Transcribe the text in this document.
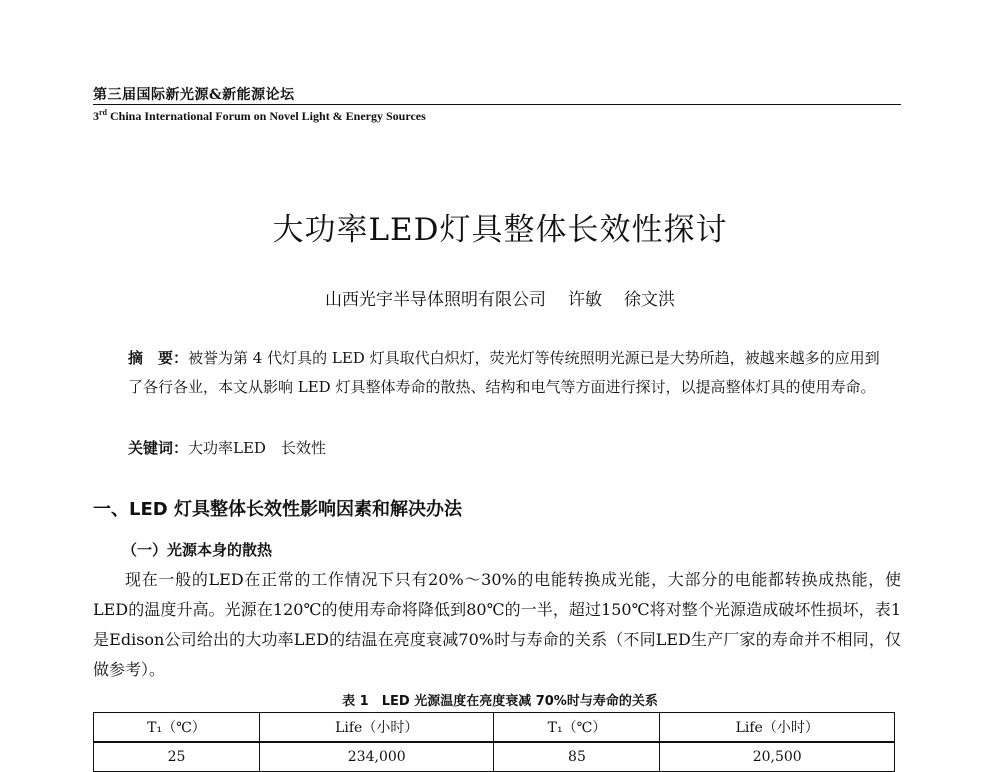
第三届国际新光源&新能源论坛
3rd China International Forum on Novel Light & Energy Sources
大功率LED灯具整体长效性探讨
山西光宇半导体照明有限公司 许敏 徐文洪
摘　要：被誉为第 4 代灯具的 LED 灯具取代白炽灯，荧光灯等传统照明光源已是大势所趋，被越来越多的应用到了各行各业，本文从影响 LED 灯具整体寿命的散热、结构和电气等方面进行探讨，以提高整体灯具的使用寿命。
关键词：大功率LED　长效性
一、LED 灯具整体长效性影响因素和解决办法
（一）光源本身的散热
现在一般的LED在正常的工作情况下只有20%～30%的电能转换成光能，大部分的电能都转换成热能，使LED的温度升高。光源在120℃的使用寿命将降低到80℃的一半，超过150℃将对整个光源造成破坏性损坏，表1是Edison公司给出的大功率LED的结温在亮度衰减70%时与寿命的关系（不同LED生产厂家的寿命并不相同，仅做参考）。
表 1　LED 光源温度在亮度衰减 70%时与寿命的关系
T₁（℃）	Life（小时）	T₁（℃）	Life（小时）
25	234,000	85	20,500
